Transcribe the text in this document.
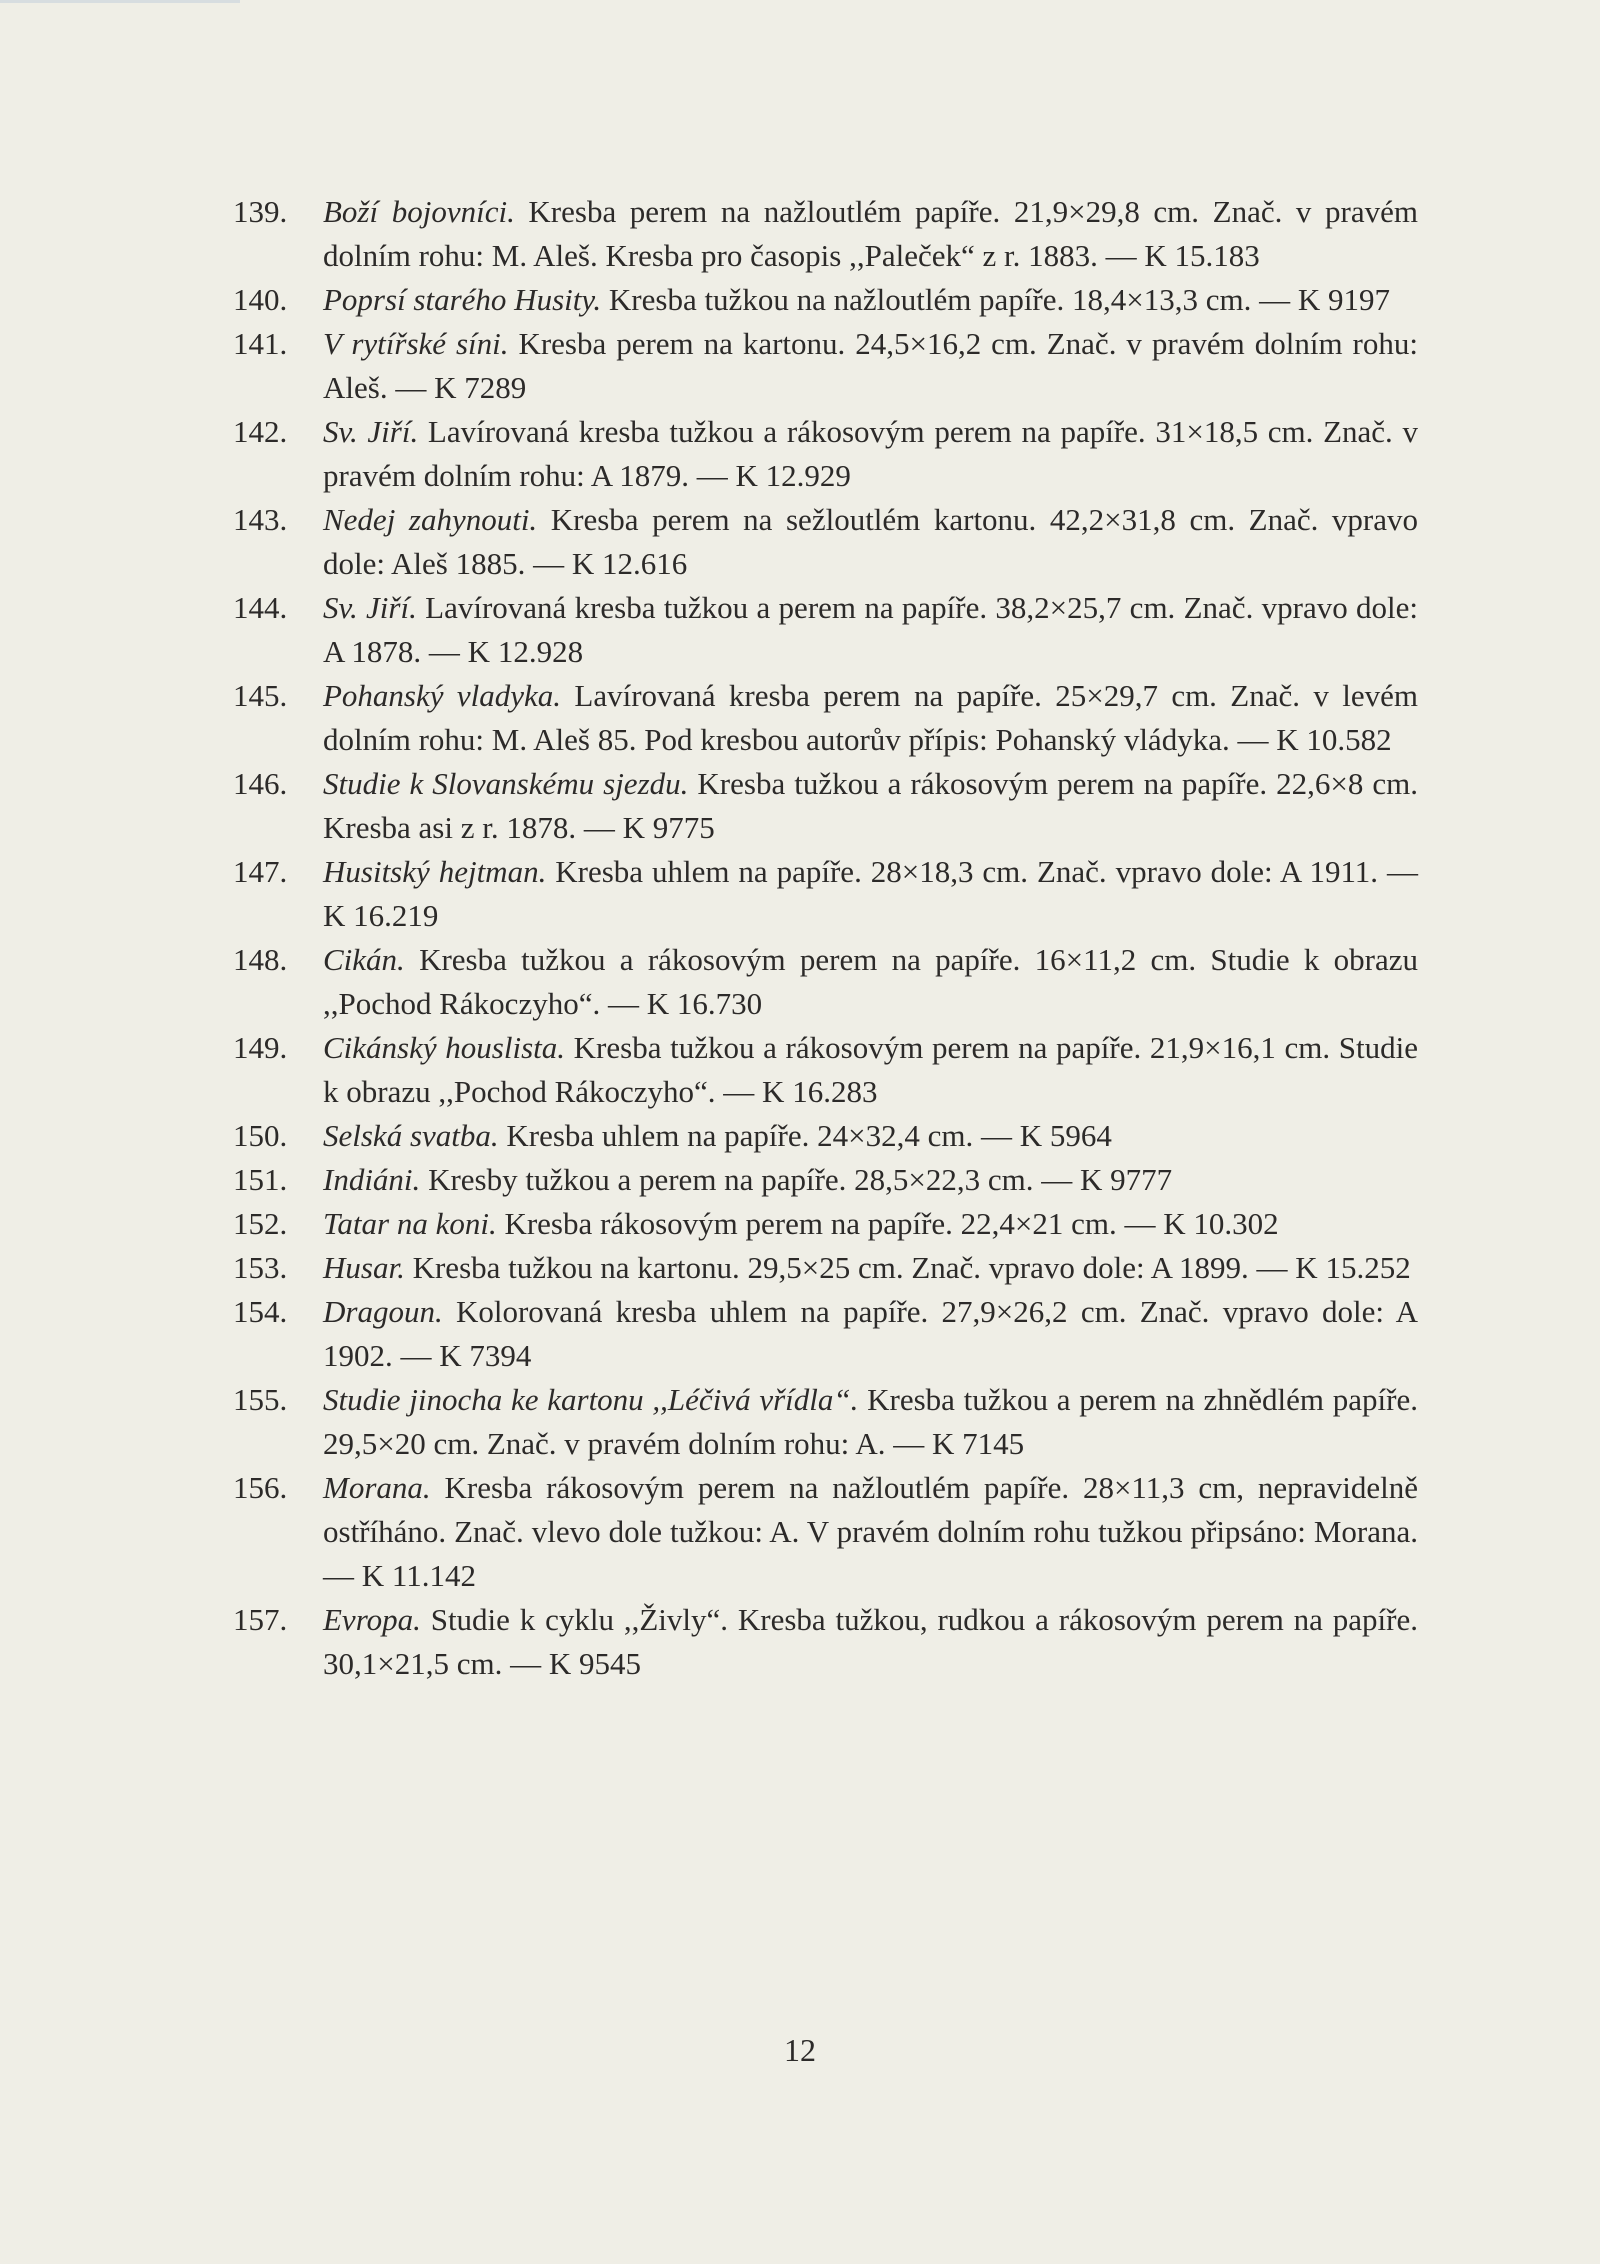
139.	Boží bojovníci. Kresba perem na nažloutlém papíře. 21,9×29,8 cm. Znač. v pravém dolním rohu: M. Aleš. Kresba pro časopis ,,Paleček“ z r. 1883. — K 15.183
140.	Poprsí starého Husity. Kresba tužkou na nažloutlém papíře. 18,4×13,3 cm. — K 9197
141.	V rytířské síni. Kresba perem na kartonu. 24,5×16,2 cm. Znač. v pravém dolním rohu: Aleš. — K 7289
142.	Sv. Jiří. Lavírovaná kresba tužkou a rákosovým perem na papíře. 31×18,5 cm. Znač. v pravém dolním rohu: A 1879. — K 12.929
143.	Nedej zahynouti. Kresba perem na sežloutlém kartonu. 42,2×31,8 cm. Znač. vpravo dole: Aleš 1885. — K 12.616
144.	Sv. Jiří. Lavírovaná kresba tužkou a perem na papíře. 38,2×25,7 cm. Znač. vpravo dole: A 1878. — K 12.928
145.	Pohanský vladyka. Lavírovaná kresba perem na papíře. 25×29,7 cm. Znač. v levém dolním rohu: M. Aleš 85. Pod kresbou autorův přípis: Pohanský vládyka. — K 10.582
146.	Studie k Slovanskému sjezdu. Kresba tužkou a rákosovým perem na papíře. 22,6×8 cm. Kresba asi z r. 1878. — K 9775
147.	Husitský hejtman. Kresba uhlem na papíře. 28×18,3 cm. Znač. vpravo dole: A 1911. — K 16.219
148.	Cikán. Kresba tužkou a rákosovým perem na papíře. 16×11,2 cm. Studie k obrazu ,,Pochod Rákoczyho“. — K 16.730
149.	Cikánský houslista. Kresba tužkou a rákosovým perem na papíře. 21,9×16,1 cm. Studie k obrazu ,,Pochod Rákoczyho“. — K 16.283
150.	Selská svatba. Kresba uhlem na papíře. 24×32,4 cm. — K 5964
151.	Indiáni. Kresby tužkou a perem na papíře. 28,5×22,3 cm. — K 9777
152.	Tatar na koni. Kresba rákosovým perem na papíře. 22,4×21 cm. — K 10.302
153.	Husar. Kresba tužkou na kartonu. 29,5×25 cm. Znač. vpravo dole: A 1899. — K 15.252
154.	Dragoun. Kolorovaná kresba uhlem na papíře. 27,9×26,2 cm. Znač. vpravo dole: A 1902. — K 7394
155.	Studie jinocha ke kartonu ,,Léčivá vřídla“. Kresba tužkou a perem na zhnědlém papíře. 29,5×20 cm. Znač. v pravém dolním rohu: A. — K 7145
156.	Morana. Kresba rákosovým perem na nažloutlém papíře. 28×11,3 cm, nepravidelně ostříháno. Znač. vlevo dole tužkou: A. V pravém dolním rohu tužkou připsáno: Morana. — K 11.142
157.	Evropa. Studie k cyklu ,,Živly“. Kresba tužkou, rudkou a rákosovým perem na papíře. 30,1×21,5 cm. — K 9545
12
